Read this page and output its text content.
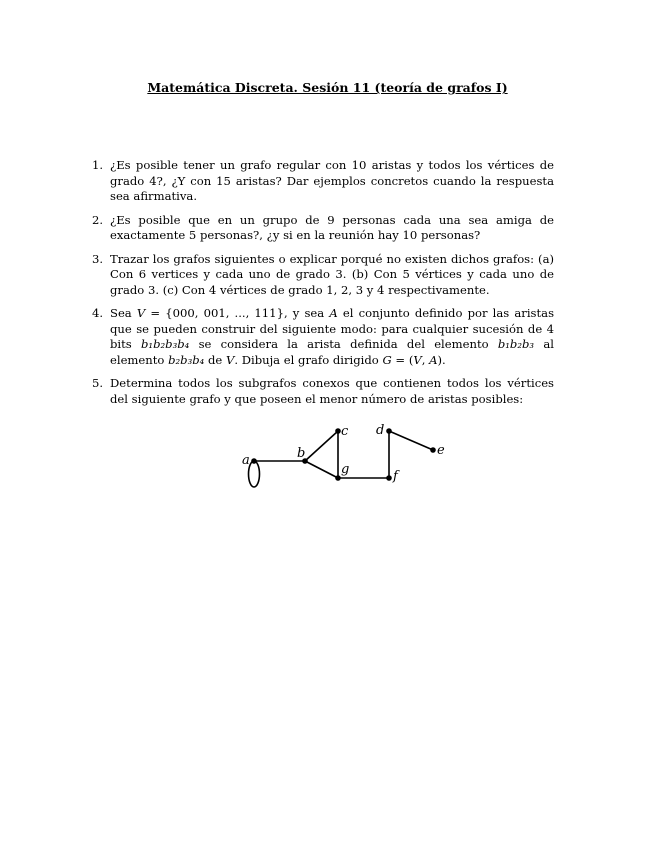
Matemática Discreta. Sesión 11 (teoría de grafos I)
1. ¿Es posible tener un grafo regular con 10 aristas y todos los vértices de grado 4?, ¿Y con 15 aristas? Dar ejemplos concretos cuando la respuesta sea afirmativa.
2. ¿Es posible que en un grupo de 9 personas cada una sea amiga de exactamente 5 personas?, ¿y si en la reunión hay 10 personas?
3. Trazar los grafos siguientes o explicar porqué no existen dichos grafos: (a) Con 6 vertices y cada uno de grado 3. (b) Con 5 vértices y cada uno de grado 3. (c) Con 4 vértices de grado 1, 2, 3 y 4 respectivamente.
4. Sea V = {000, 001, ..., 111}, y sea A el conjunto definido por las aristas que se pueden construir del siguiente modo: para cualquier sucesión de 4 bits b₁b₂b₃b₄ se considera la arista definida del elemento b₁b₂b₃ al elemento b₂b₃b₄ de V. Dibuja el grafo dirigido G = (V, A).
5. Determina todos los subgrafos conexos que contienen todos los vértices del siguiente grafo y que poseen el menor número de aristas posibles:
a	b
c d
e
f
g
